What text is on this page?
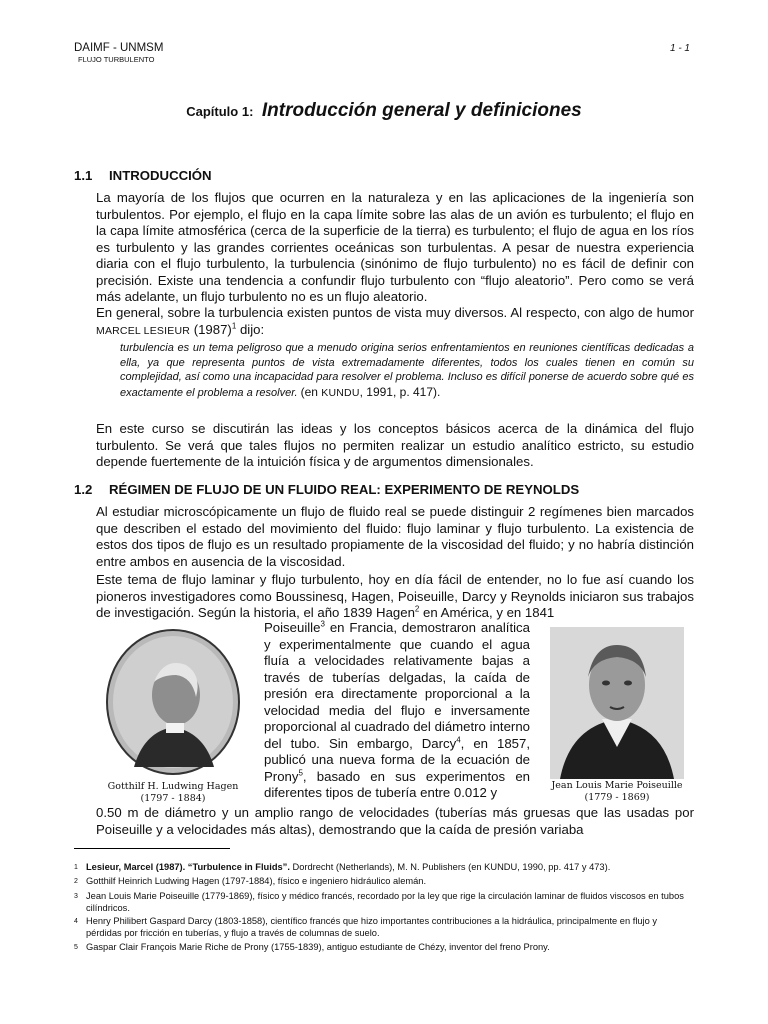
DAIMF - UNMSM
FLUJO TURBULENTO
1 - 1
Capítulo 1: Introducción general y definiciones
1.1 INTRODUCCIÓN
La mayoría de los flujos que ocurren en la naturaleza y en las aplicaciones de la ingeniería son turbulentos. Por ejemplo, el flujo en la capa límite sobre las alas de un avión es turbulento; el flujo en la capa límite atmosférica (cerca de la superficie de la tierra) es turbulento; el flujo de agua en los ríos es turbulento y las grandes corrientes oceánicas son turbulentas. A pesar de nuestra experiencia diaria con el flujo turbulento, la turbulencia (sinónimo de flujo turbulento) no es fácil de definir con precisión. Existe una tendencia a confundir flujo turbulento con “flujo aleatorio”. Pero como se verá más adelante, un flujo turbulento no es un flujo aleatorio.
En general, sobre la turbulencia existen puntos de vista muy diversos. Al respecto, con algo de humor MARCEL LESIEUR $(1987)^1$ dijo:
turbulencia es un tema peligroso que a menudo origina serios enfrentamientos en reuniones científicas dedicadas a ella, ya que representa puntos de vista extremadamente diferentes, todos los cuales tienen en común su complejidad, así como una incapacidad para resolver el problema. Incluso es difícil ponerse de acuerdo sobre qué es exactamente el problema a resolver. (en KUNDU, 1991, p. 417).
En este curso se discutirán las ideas y los conceptos básicos acerca de la dinámica del flujo turbulento. Se verá que tales flujos no permiten realizar un estudio analítico estricto, su estudio depende fuertemente de la intuición física y de argumentos dimensionales.
1.2 RÉGIMEN DE FLUJO DE UN FLUIDO REAL: EXPERIMENTO DE REYNOLDS
Al estudiar microscópicamente un flujo de fluido real se puede distinguir 2 regímenes bien marcados que describen el estado del movimiento del fluido: flujo laminar y flujo turbulento. La existencia de estos dos tipos de flujo es un resultado propiamente de la viscosidad del fluido; y no habría distinción entre ambos en ausencia de la viscosidad.
Este tema de flujo laminar y flujo turbulento, hoy en día fácil de entender, no lo fue así cuando los pioneros investigadores como Boussinesq, Hagen, Poiseuille, Darcy y Reynolds iniciaron sus trabajos de investigación. Según la historia, el año 1839 Hagen$^2$ en América, y en 1841
Gotthilf H. Ludwing Hagen
(1797 - 1884)
Poiseuille$^3$ en Francia, demostraron analítica y experimentalmente que cuando el agua fluía a velocidades relativamente bajas a través de tuberías delgadas, la caída de presión era directamente proporcional a la velocidad media del flujo e inversamente proporcional al cuadrado del diámetro interno del tubo. Sin embargo, Darcy$^4$, en 1857, publicó una nueva forma de la ecuación de Prony$^5$, basado en sus experimentos en diferentes tipos de tubería entre 0.012 y	Jean Louis Marie Poiseuille
(1779 - 1869)
0.50 m de diámetro y un amplio rango de velocidades (tuberías más gruesas que las usadas por Poiseuille y a velocidades más altas), demostrando que la caída de presión variaba
1 Lesieur, Marcel (1987). “Turbulence in Fluids”. Dordrecht (Netherlands), M. N. Publishers (en KUNDU, 1990, pp. 417 y 473).
2 Gotthilf Heinrich Ludwing Hagen (1797-1884), físico e ingeniero hidráulico alemán.
3 Jean Louis Marie Poiseuille (1779-1869), físico y médico francés, recordado por la ley que rige la circulación laminar de fluidos viscosos en tubos cilíndricos.
4 Henry Philibert Gaspard Darcy (1803-1858), científico francés que hizo importantes contribuciones a la hidráulica, principalmente en flujo y pérdidas por fricción en tuberías, y flujo a través de columnas de suelo.
5 Gaspar Clair François Marie Riche de Prony (1755-1839), antiguo estudiante de Chézy, inventor del freno Prony.
